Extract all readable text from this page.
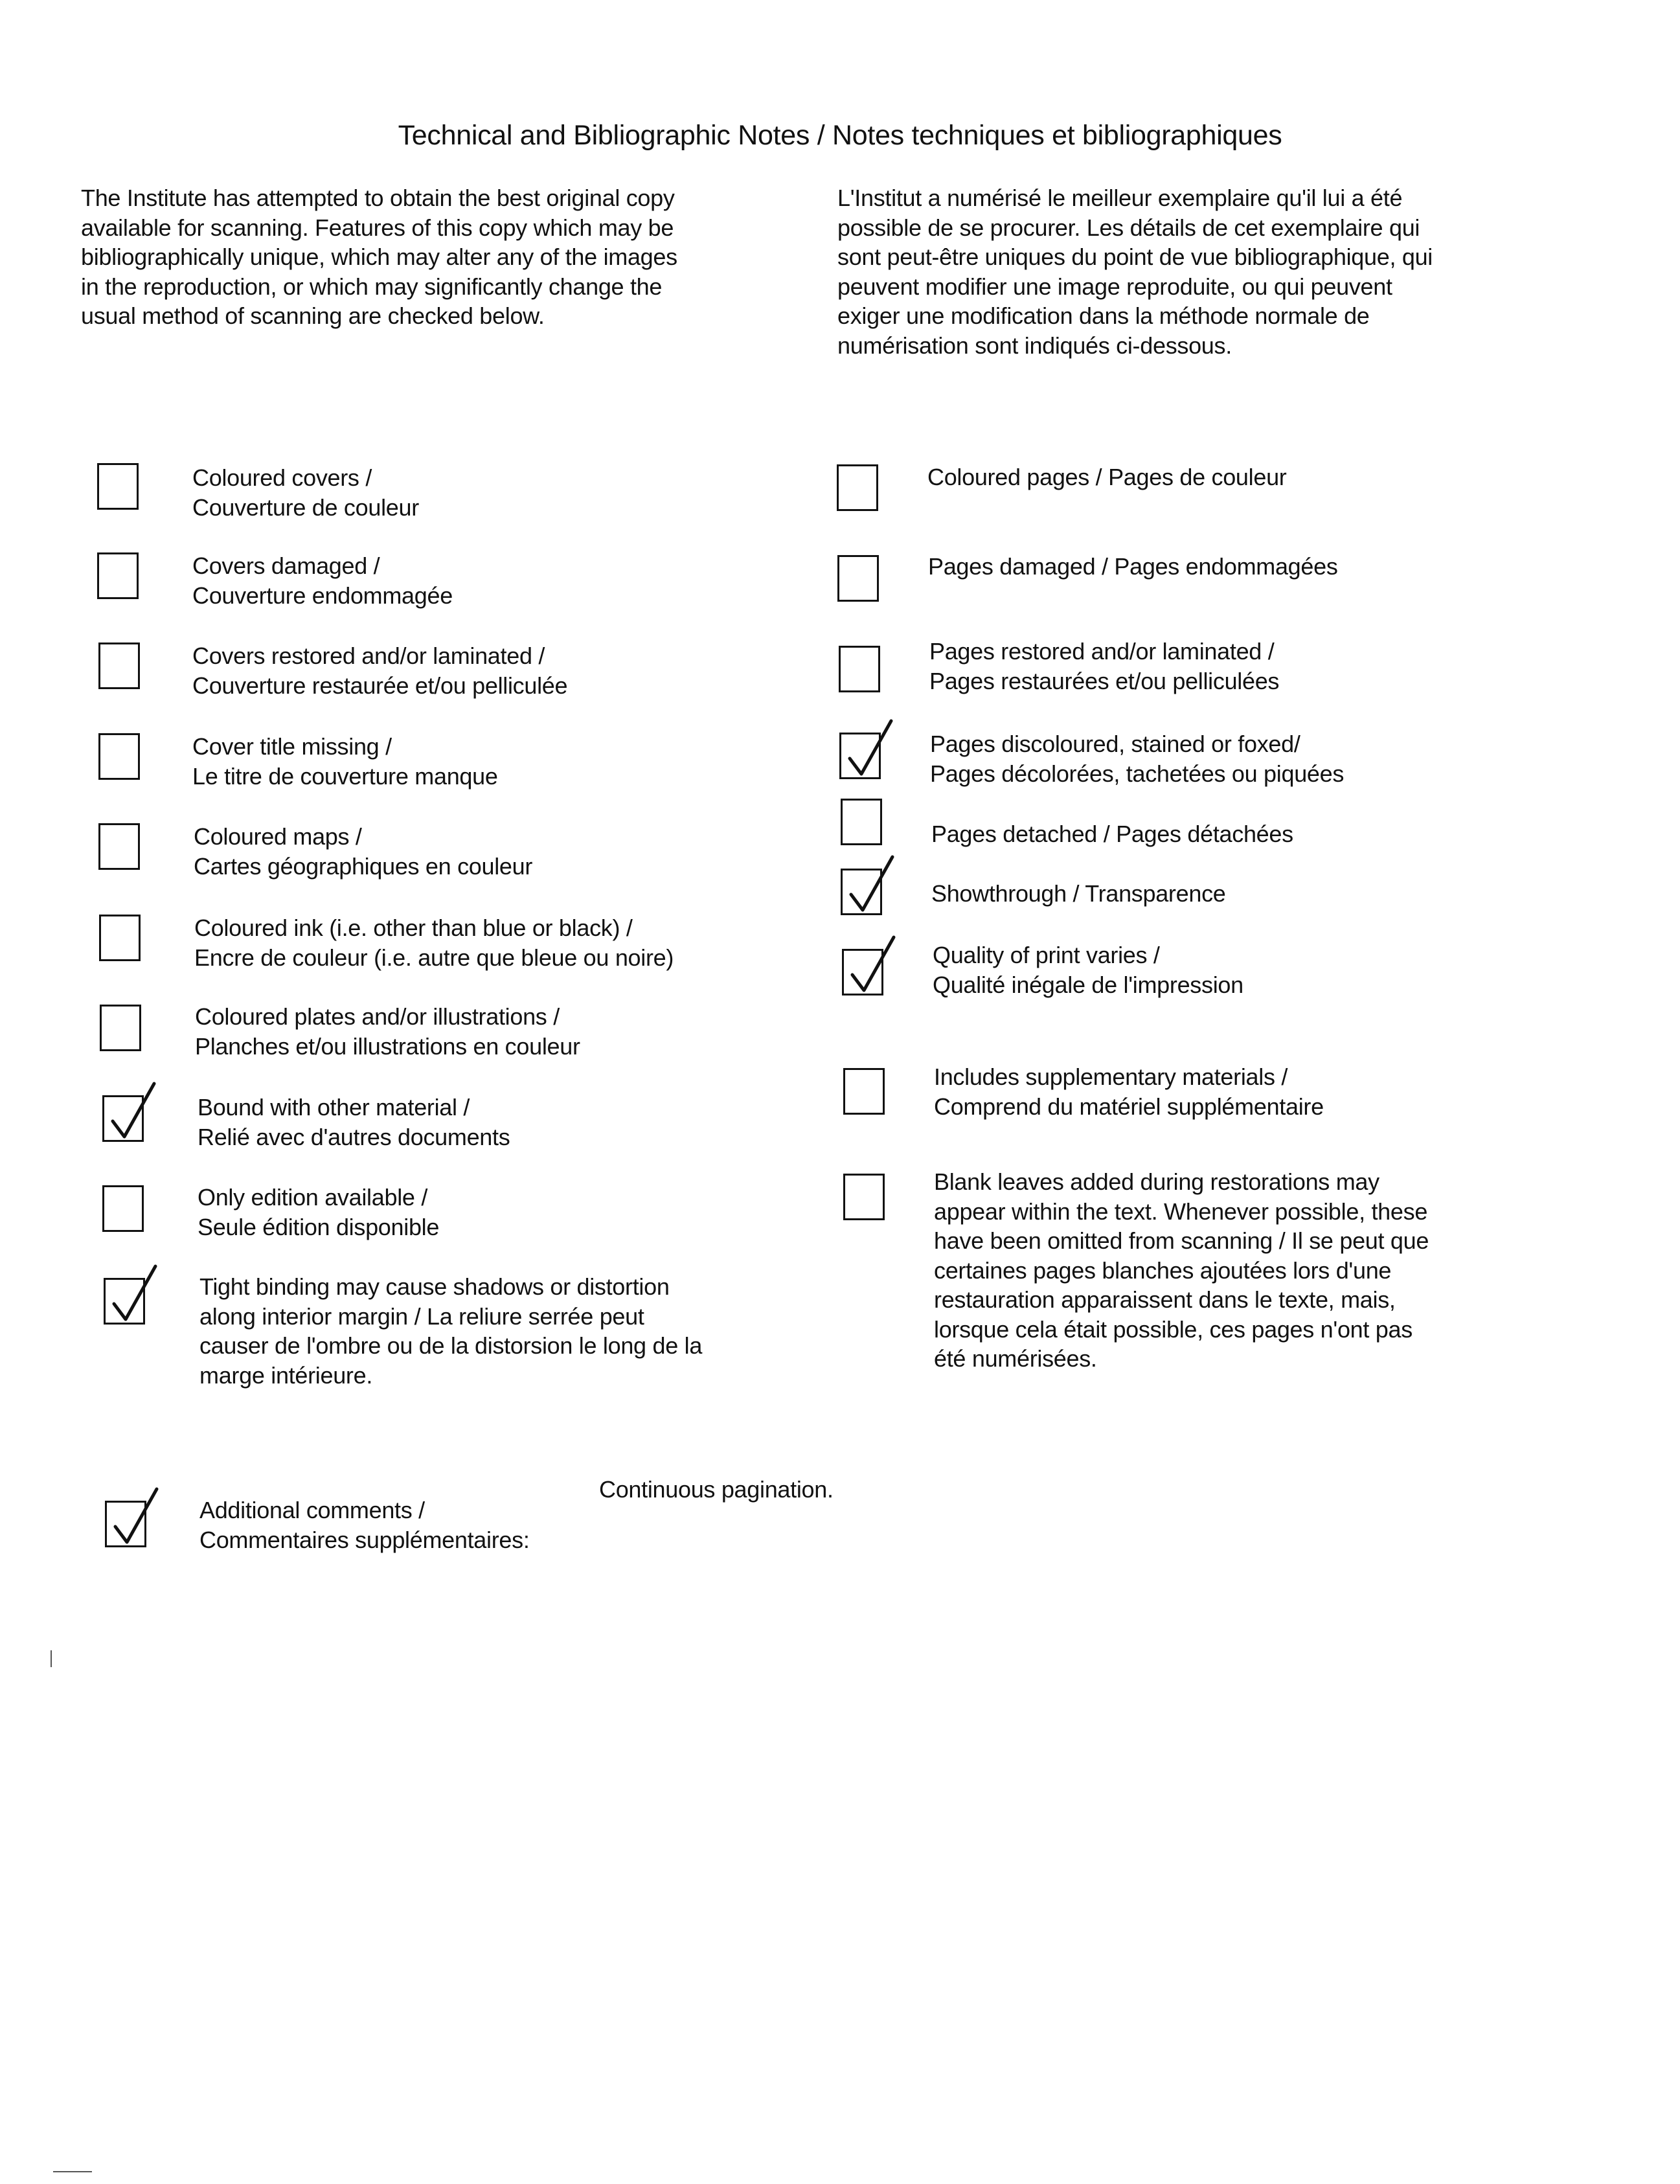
Technical and Bibliographic Notes / Notes techniques et bibliographiques
The Institute has attempted to obtain the best original copy
available for scanning. Features of this copy which may be
bibliographically unique, which may alter any of the images
in the reproduction, or which may significantly change the
usual method of scanning are checked below.
L'Institut a numérisé le meilleur exemplaire qu'il lui a été
possible de se procurer. Les détails de cet exemplaire qui
sont peut-être uniques du point de vue bibliographique, qui
peuvent modifier une image reproduite, ou qui peuvent
exiger une modification dans la méthode normale de
numérisation sont indiqués ci-dessous.
Coloured covers /
Couverture de couleur
Covers damaged /
Couverture endommagée
Covers restored and/or laminated /
Couverture restaurée et/ou pelliculée
Cover title missing /
Le titre de couverture manque
Coloured maps /
Cartes géographiques en couleur
Coloured ink (i.e. other than blue or black) /
Encre de couleur (i.e. autre que bleue ou noire)
Coloured plates and/or illustrations /
Planches et/ou illustrations en couleur
Bound with other material /
Relié avec d'autres documents
Only edition available /
Seule édition disponible
Tight binding may cause shadows or distortion
along interior margin / La reliure serrée peut
causer de l'ombre ou de la distorsion le long de la
marge intérieure.
Coloured pages / Pages de couleur
Pages damaged / Pages endommagées
Pages restored and/or laminated /
Pages restaurées et/ou pelliculées
Pages discoloured, stained or foxed/
Pages décolorées, tachetées ou piquées
Pages detached / Pages détachées
Showthrough / Transparence
Quality of print varies /
Qualité inégale de l'impression
Includes supplementary materials /
Comprend du matériel supplémentaire
Blank leaves added during restorations may
appear within the text. Whenever possible, these
have been omitted from scanning / Il se peut que
certaines pages blanches ajoutées lors d'une
restauration apparaissent dans le texte, mais,
lorsque cela était possible, ces pages n'ont pas
été numérisées.
Additional comments /
Commentaires supplémentaires:
Continuous pagination.
